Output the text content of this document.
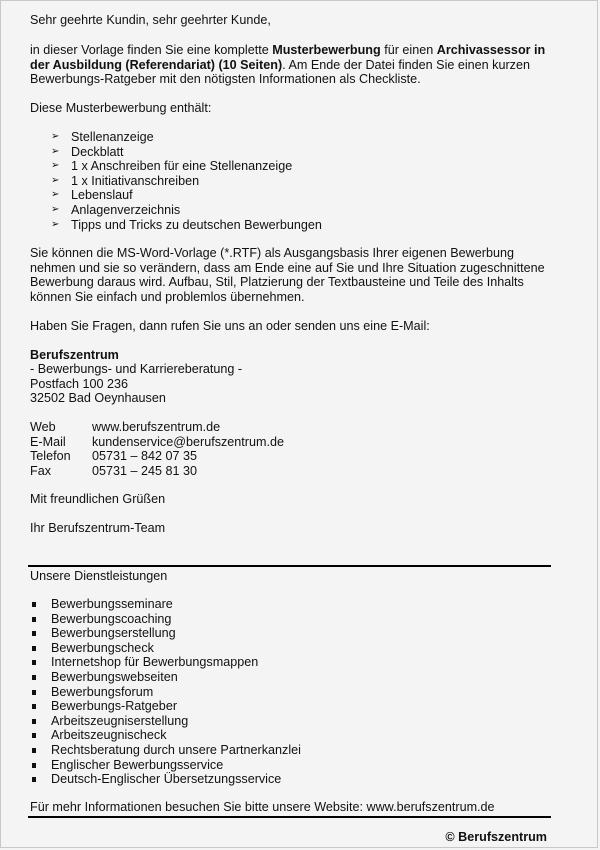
Sehr geehrte Kundin, sehr geehrter Kunde,
in dieser Vorlage finden Sie eine komplette Musterbewerbung für einen Archivassessor in der Ausbildung (Referendariat) (10 Seiten). Am Ende der Datei finden Sie einen kurzen Bewerbungs-Ratgeber mit den nötigsten Informationen als Checkliste.
Diese Musterbewerbung enthält:
➢ Stellenanzeige
➢ Deckblatt
➢ 1 x Anschreiben für eine Stellenanzeige
➢ 1 x Initiativanschreiben
➢ Lebenslauf
➢ Anlagenverzeichnis
➢ Tipps und Tricks zu deutschen Bewerbungen
Sie können die MS-Word-Vorlage (*.RTF) als Ausgangsbasis Ihrer eigenen Bewerbung nehmen und sie so verändern, dass am Ende eine auf Sie und Ihre Situation zugeschnittene Bewerbung daraus wird. Aufbau, Stil, Platzierung der Textbausteine und Teile des Inhalts können Sie einfach und problemlos übernehmen.
Haben Sie Fragen, dann rufen Sie uns an oder senden uns eine E-Mail:
Berufszentrum
- Bewerbungs- und Karriereberatung -
Postfach 100 236
32502 Bad Oeynhausen
Web	www.berufszentrum.de
E-Mail kundenservice@berufszentrum.de
Telefon 05731 – 842 07 35
Fax	05731 – 245 81 30
Mit freundlichen Grüßen
Ihr Berufszentrum-Team
Unsere Dienstleistungen
Bewerbungsseminare
Bewerbungscoaching
Bewerbungserstellung
Bewerbungscheck
Internetshop für Bewerbungsmappen
Bewerbungswebseiten
Bewerbungsforum
Bewerbungs-Ratgeber
Arbeitszeugniserstellung
Arbeitszeugnischeck
Rechtsberatung durch unsere Partnerkanzlei
Englischer Bewerbungsservice
Deutsch-Englischer Übersetzungsservice
Für mehr Informationen besuchen Sie bitte unsere Website: www.berufszentrum.de
© Berufszentrum
